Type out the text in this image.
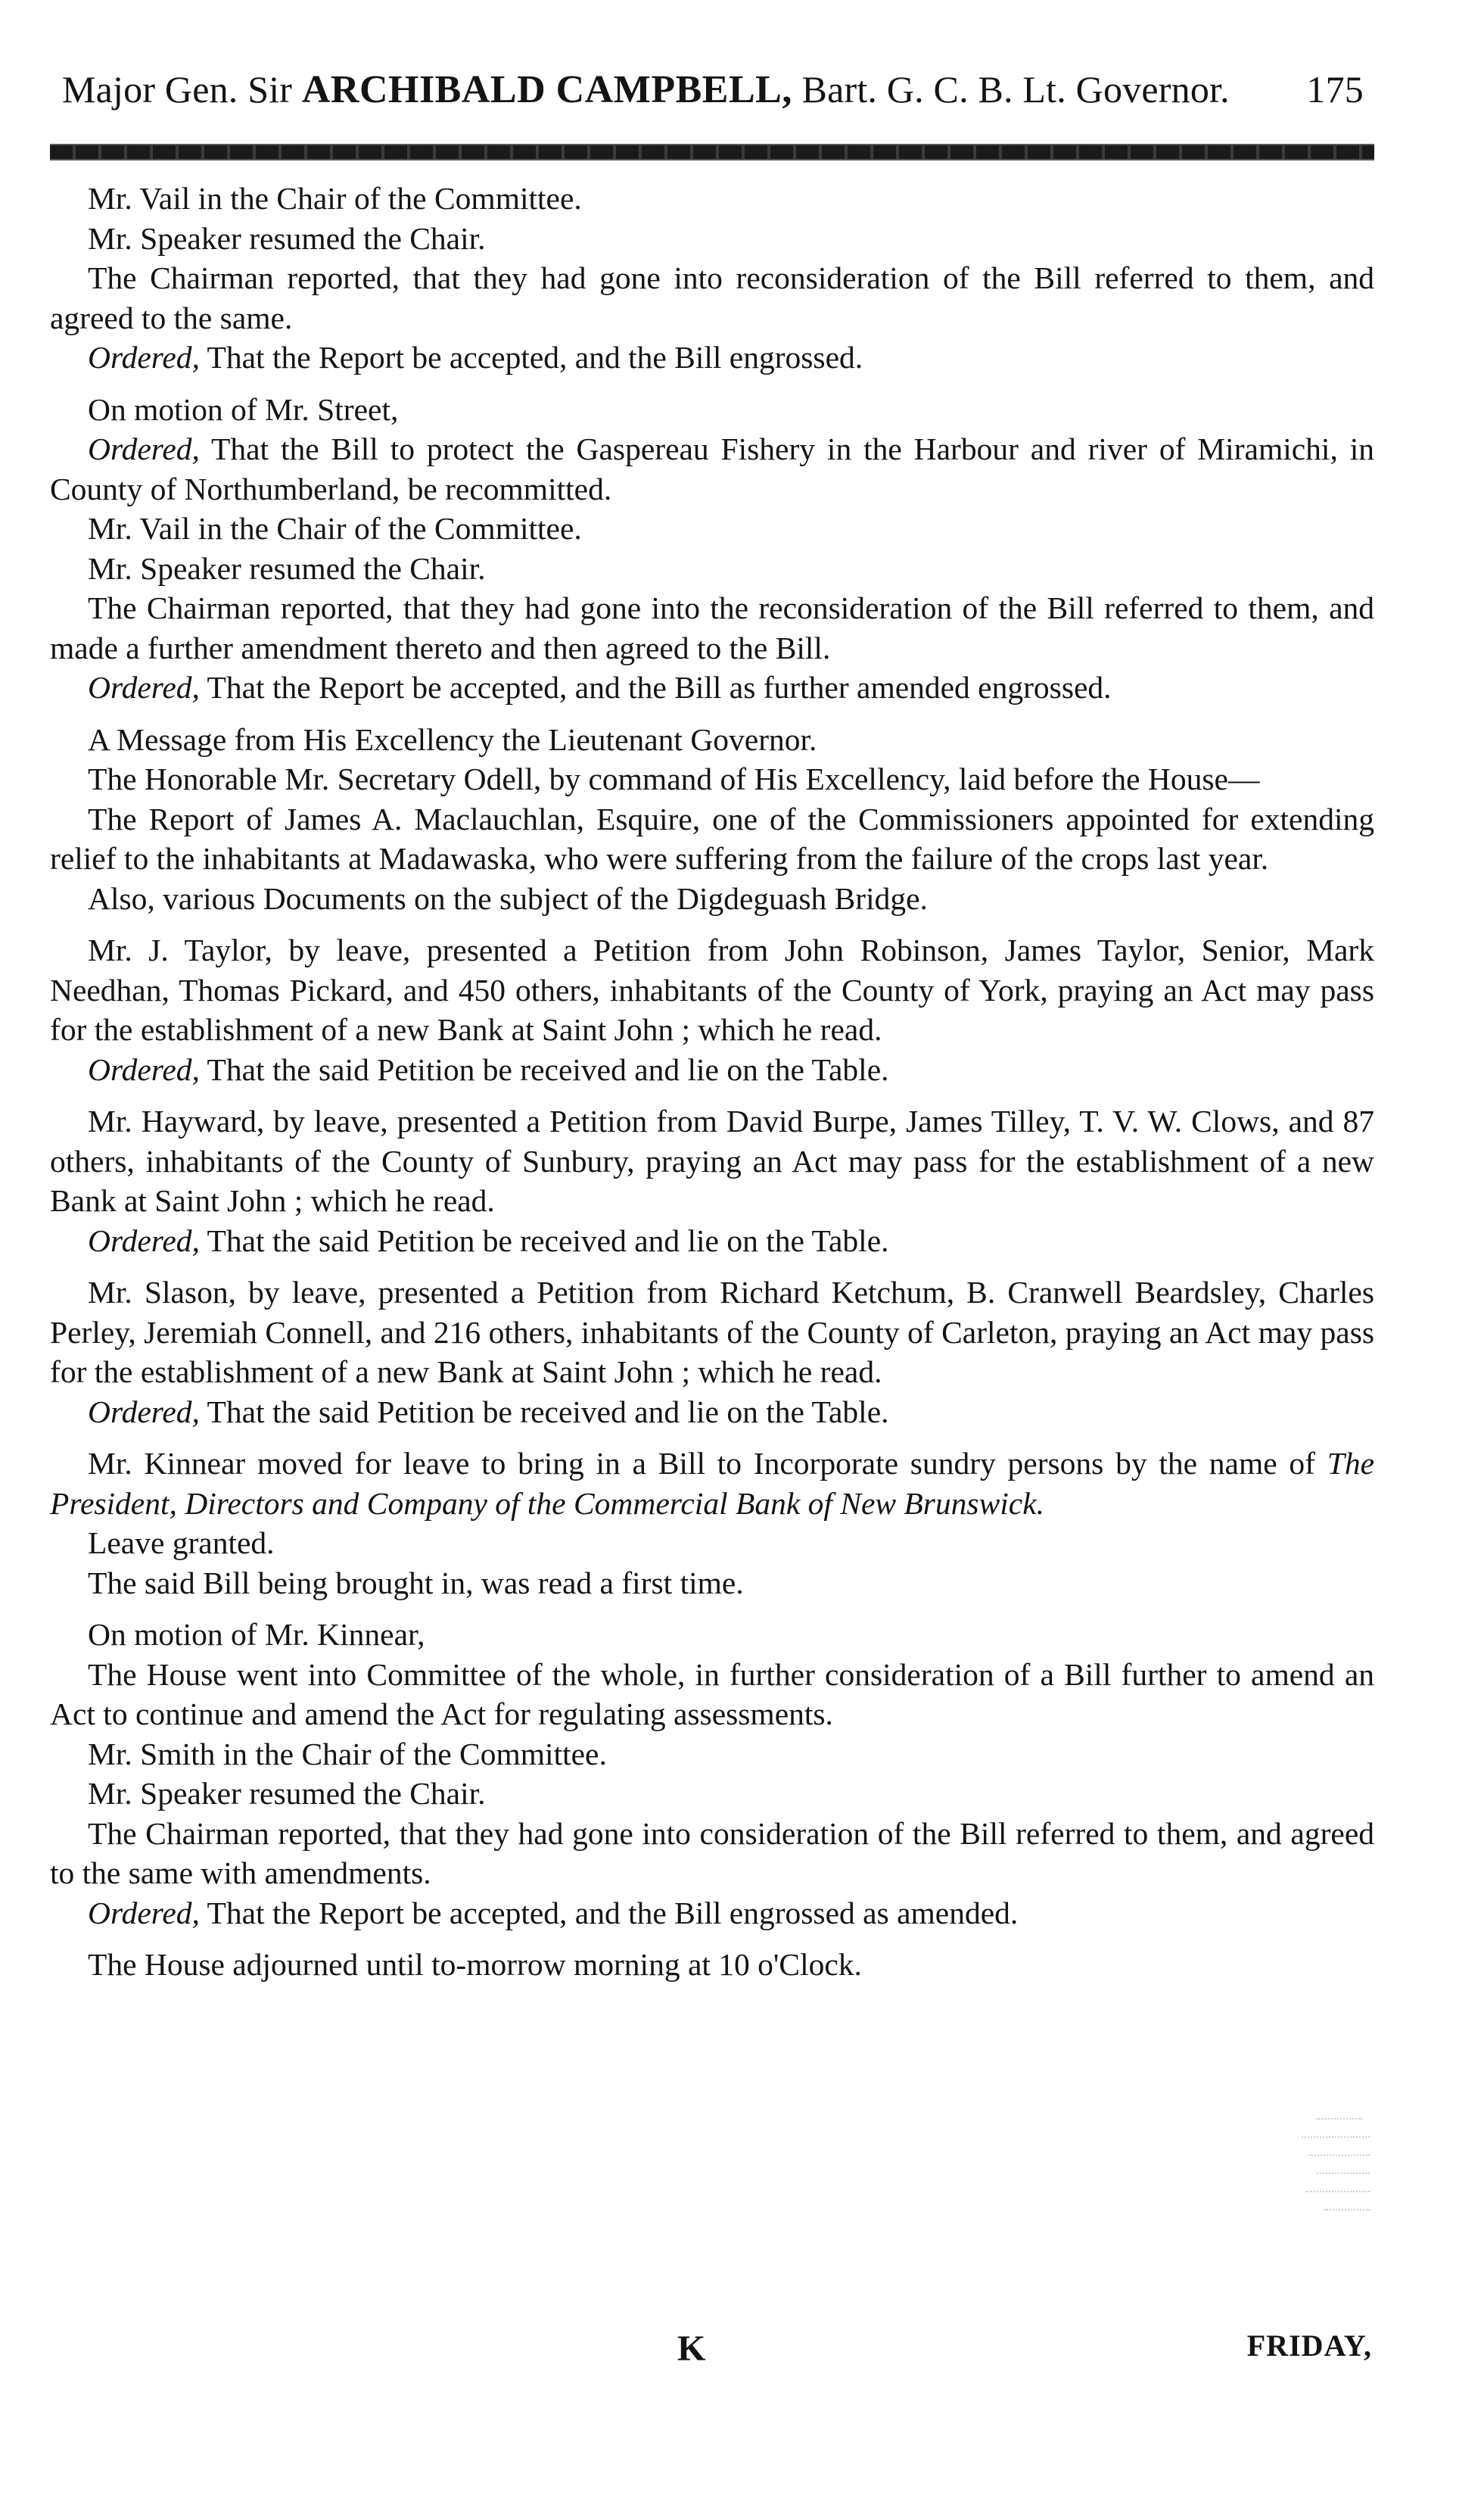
Major Gen. Sir ARCHIBALD CAMPBELL, Bart. G. C. B. Lt. Governor. 175

Mr. Vail in the Chair of the Committee.

Mr. Speaker resumed the Chair.

The Chairman reported, that they had gone into reconsideration of the Bill referred to them, and agreed to the same.

Ordered, That the Report be accepted, and the Bill engrossed.

On motion of Mr. Street,

Ordered, That the Bill to protect the Gaspereau Fishery in the Harbour and river of Miramichi, in County of Northumberland, be recommitted.

Mr. Vail in the Chair of the Committee.

Mr. Speaker resumed the Chair.

The Chairman reported, that they had gone into the reconsideration of the Bill referred to them, and made a further amendment thereto and then agreed to the Bill.

Ordered, That the Report be accepted, and the Bill as further amended engrossed.

A Message from His Excellency the Lieutenant Governor.

The Honorable Mr. Secretary Odell, by command of His Excellency, laid before the House—

The Report of James A. Maclauchlan, Esquire, one of the Commissioners appointed for extending relief to the inhabitants at Madawaska, who were suffering from the failure of the crops last year.

Also, various Documents on the subject of the Digdeguash Bridge.

Mr. J. Taylor, by leave, presented a Petition from John Robinson, James Taylor, Senior, Mark Needhan, Thomas Pickard, and 450 others, inhabitants of the County of York, praying an Act may pass for the establishment of a new Bank at Saint John ; which he read.

Ordered, That the said Petition be received and lie on the Table.

Mr. Hayward, by leave, presented a Petition from David Burpe, James Tilley, T. V. W. Clows, and 87 others, inhabitants of the County of Sunbury, praying an Act may pass for the establishment of a new Bank at Saint John ; which he read.

Ordered, That the said Petition be received and lie on the Table.

Mr. Slason, by leave, presented a Petition from Richard Ketchum, B. Cranwell Beardsley, Charles Perley, Jeremiah Connell, and 216 others, inhabitants of the County of Carleton, praying an Act may pass for the establishment of a new Bank at Saint John ; which he read.

Ordered, That the said Petition be received and lie on the Table.

Mr. Kinnear moved for leave to bring in a Bill to Incorporate sundry persons by the name of The President, Directors and Company of the Commercial Bank of New Brunswick.

Leave granted.

The said Bill being brought in, was read a first time.

On motion of Mr. Kinnear,

The House went into Committee of the whole, in further consideration of a Bill further to amend an Act to continue and amend the Act for regulating assessments.

Mr. Smith in the Chair of the Committee.

Mr. Speaker resumed the Chair.

The Chairman reported, that they had gone into consideration of the Bill referred to them, and agreed to the same with amendments.

Ordered, That the Report be accepted, and the Bill engrossed as amended.

The House adjourned until to-morrow morning at 10 o'Clock.

K	FRIDAY,
